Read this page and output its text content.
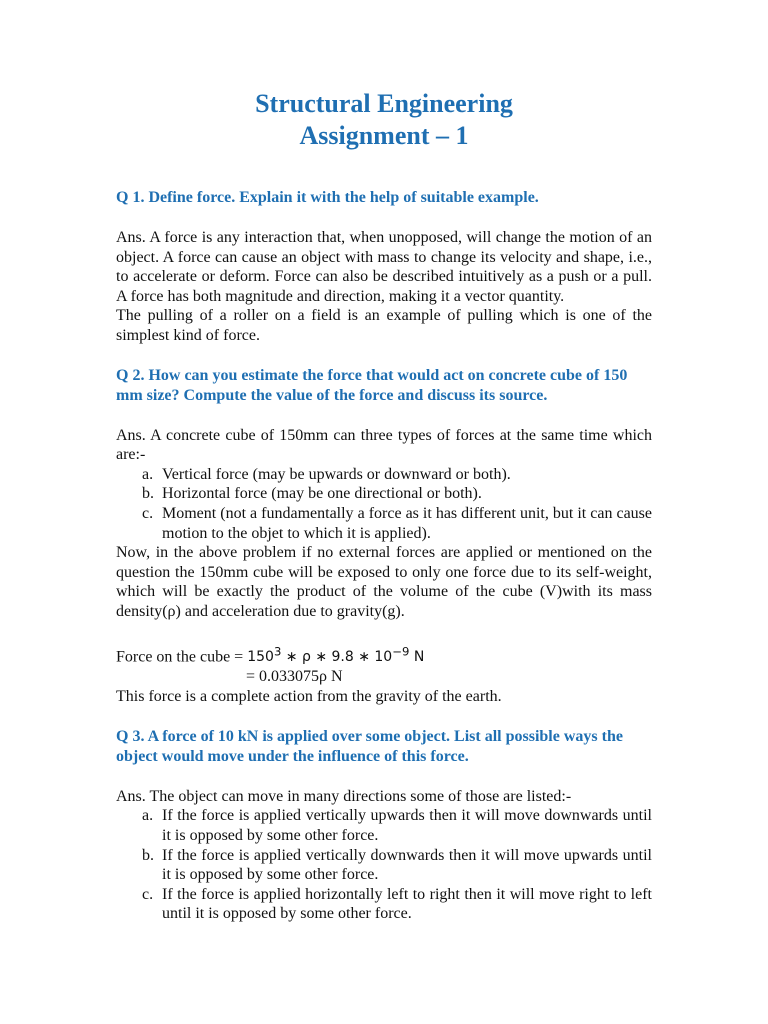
Structural Engineering
Assignment – 1

Q 1. Define force. Explain it with the help of suitable example.

Ans. A force is any interaction that, when unopposed, will change the motion of an object. A force can cause an object with mass to change its velocity and shape, i.e., to accelerate or deform. Force can also be described intuitively as a push or a pull. A force has both magnitude and direction, making it a vector quantity.

The pulling of a roller on a field is an example of pulling which is one of the simplest kind of force.

Q 2. How can you estimate the force that would act on concrete cube of 150 mm size? Compute the value of the force and discuss its source.

Ans. A concrete cube of 150mm can three types of forces at the same time which are:-

a. Vertical force (may be upwards or downward or both).
b. Horizontal force (may be one directional or both).
c. Moment (not a fundamentally a force as it has different unit, but it can cause motion to the objet to which it is applied).

Now, in the above problem if no external forces are applied or mentioned on the question the 150mm cube will be exposed to only one force due to its self-weight, which will be exactly the product of the volume of the cube (V)with its mass density(ρ) and acceleration due to gravity(g).

Force on the cube = $150^3$ ∗ ρ ∗ 9.8 ∗ $10^{-9}$ N

= 0.033075ρ N

This force is a complete action from the gravity of the earth.

Q 3. A force of 10 kN is applied over some object. List all possible ways the object would move under the influence of this force.

Ans. The object can move in many directions some of those are listed:-

a. If the force is applied vertically upwards then it will move downwards until it is opposed by some other force.
b. If the force is applied vertically downwards then it will move upwards until it is opposed by some other force.
c. If the force is applied horizontally left to right then it will move right to left until it is opposed by some other force.
